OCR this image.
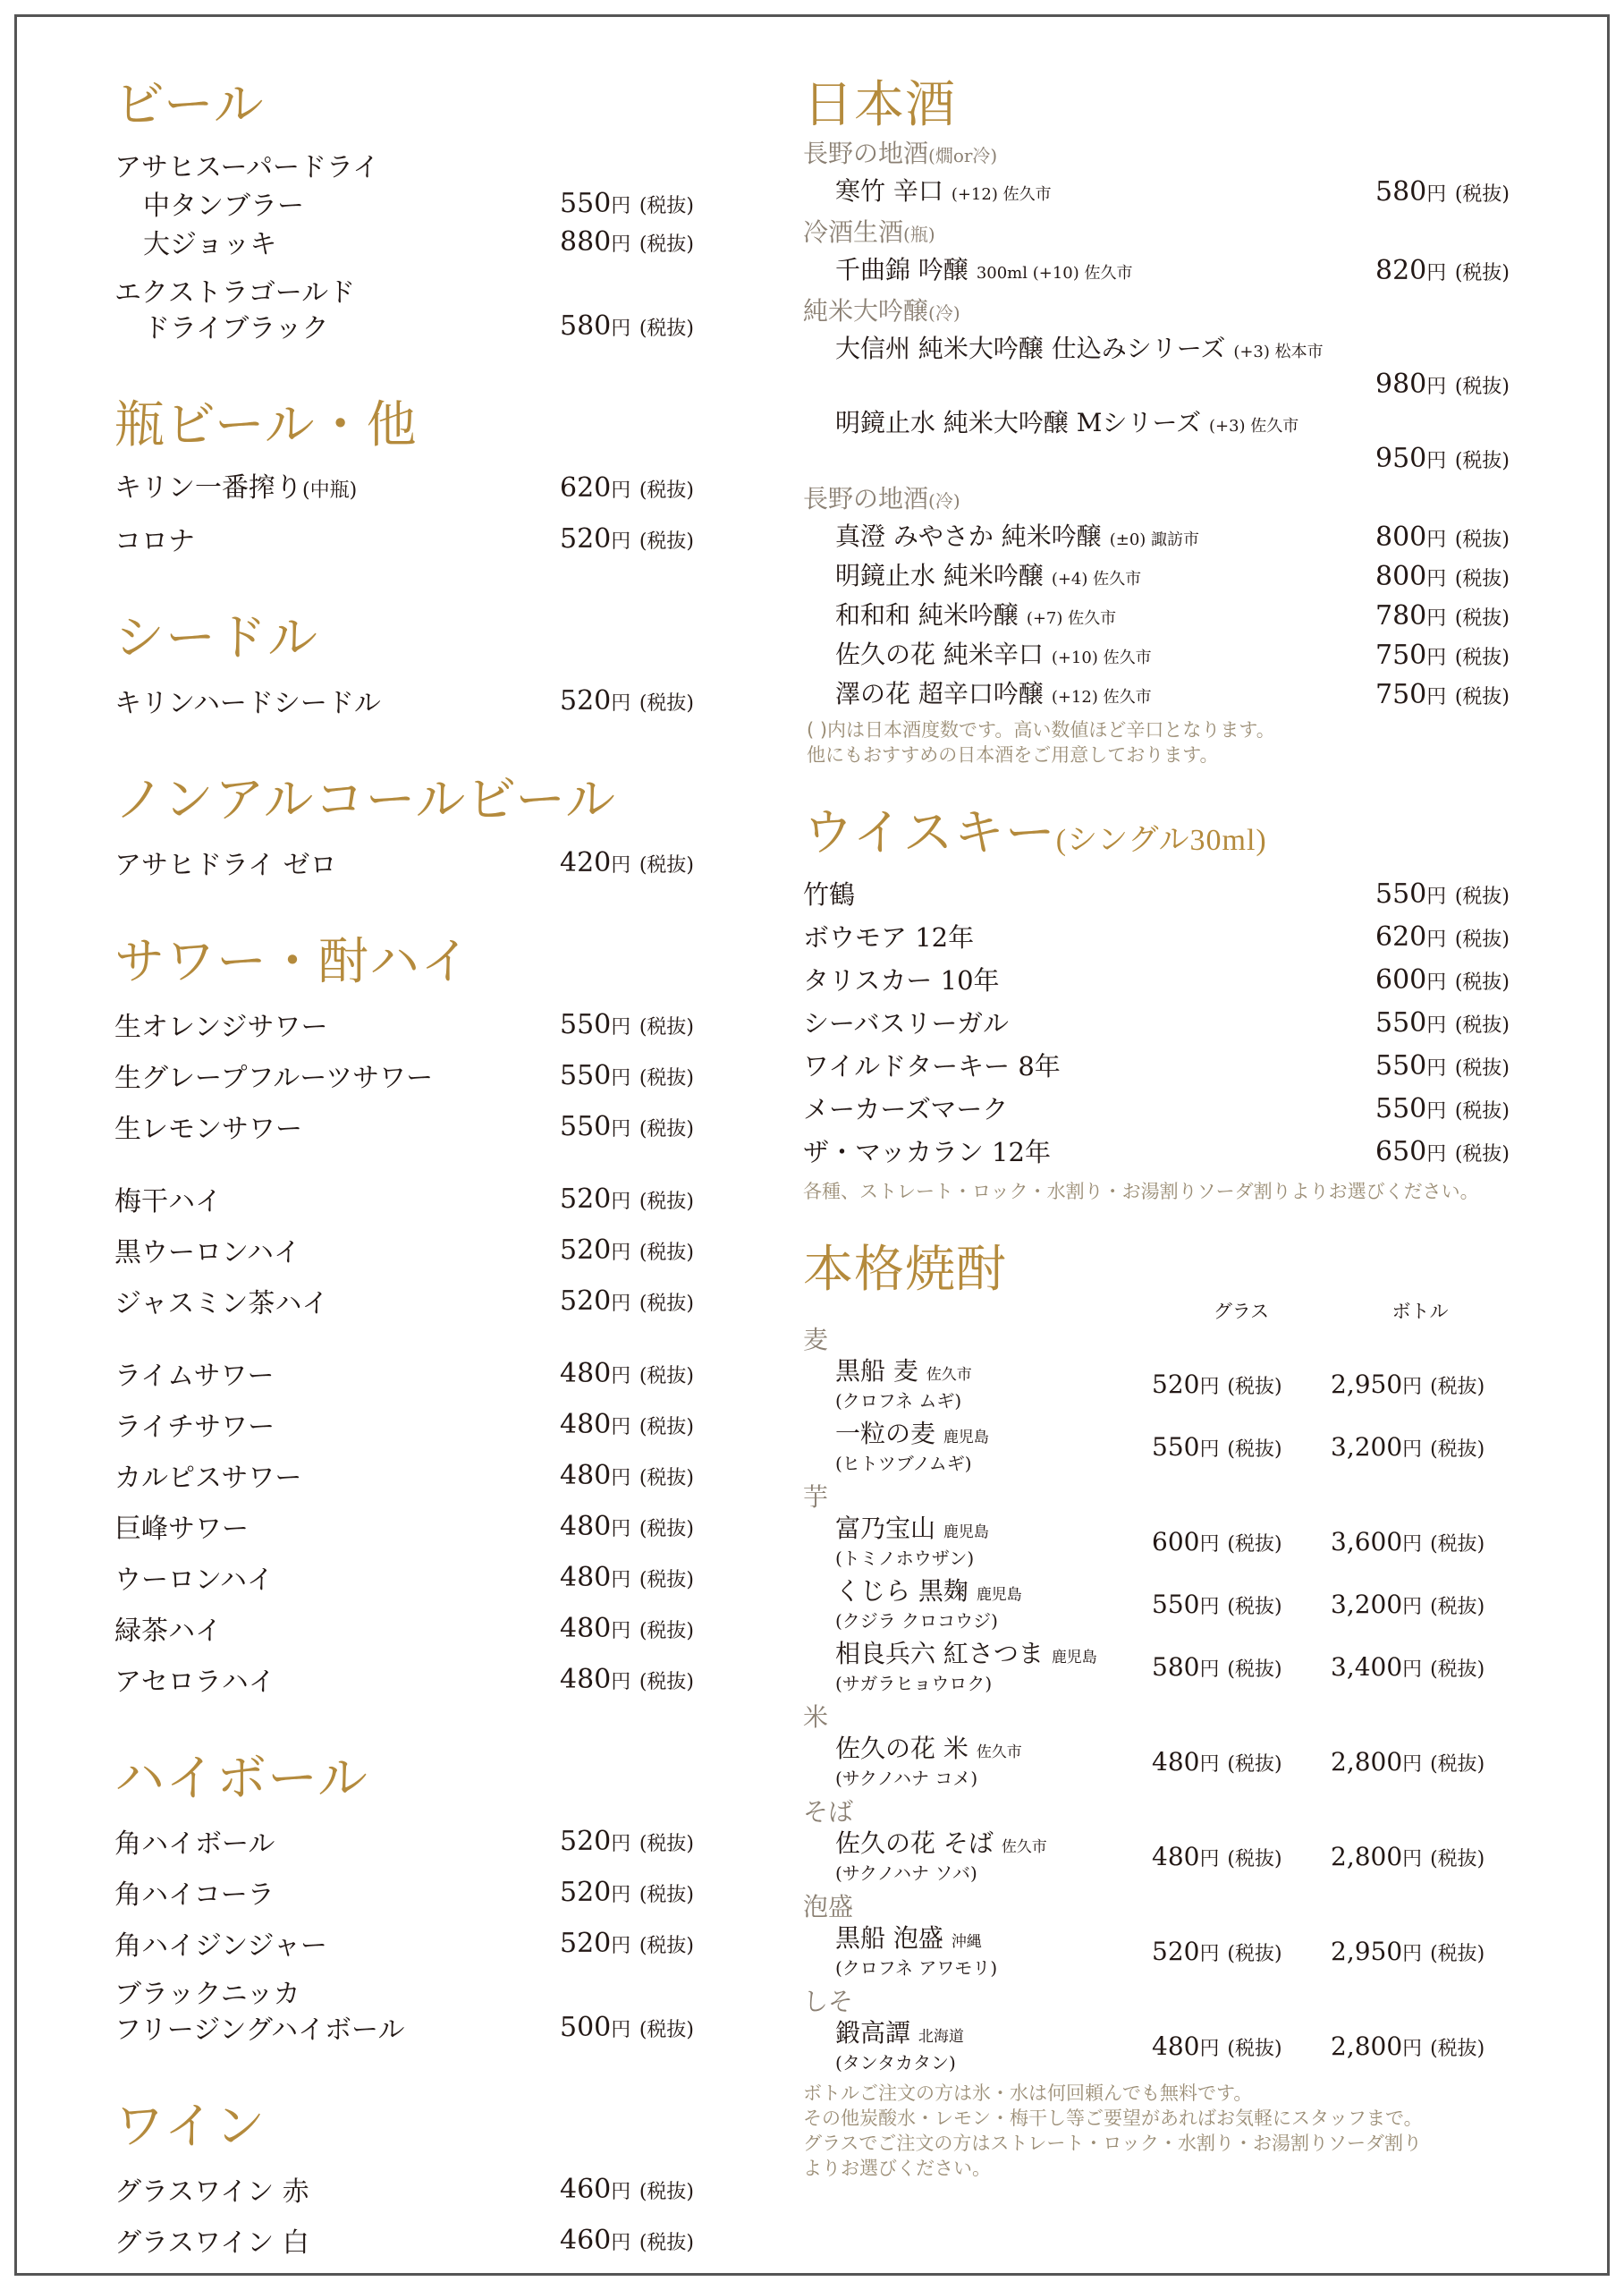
ビール
アサヒスーパードライ
中タンブラー	550円 (税抜)
大ジョッキ	880円 (税抜)
エクストラゴールド
ドライブラック	580円 (税抜)
瓶ビール・他
キリン一番搾り(中瓶)	620円 (税抜)
コロナ	520円 (税抜)
シードル
キリンハードシードル	520円 (税抜)
ノンアルコールビール
アサヒドライ ゼロ	420円 (税抜)
サワー・酎ハイ
生オレンジサワー	550円 (税抜)
生グレープフルーツサワー	550円 (税抜)
生レモンサワー	550円 (税抜)
梅干ハイ	520円 (税抜)
黒ウーロンハイ	520円 (税抜)
ジャスミン茶ハイ	520円 (税抜)
ライムサワー	480円 (税抜)
ライチサワー	480円 (税抜)
カルピスサワー	480円 (税抜)
巨峰サワー	480円 (税抜)
ウーロンハイ	480円 (税抜)
緑茶ハイ	480円 (税抜)
アセロラハイ	480円 (税抜)
ハイボール
角ハイボール	520円 (税抜)
角ハイコーラ	520円 (税抜)
角ハイジンジャー	520円 (税抜)
ブラックニッカ
フリージングハイボール	500円 (税抜)
ワイン
グラスワイン 赤	460円 (税抜)
グラスワイン 白	460円 (税抜)
日本酒
長野の地酒(燗or冷)
寒竹 辛口 (+12) 佐久市	580円 (税抜)
冷酒生酒(瓶)
千曲錦 吟醸 300ml (+10) 佐久市	820円 (税抜)
純米大吟醸(冷)
大信州 純米大吟醸 仕込みシリーズ (+3) 松本市
980円 (税抜)
明鏡止水 純米大吟醸 Mシリーズ (+3) 佐久市
950円 (税抜)
長野の地酒(冷)
真澄 みやさか 純米吟醸 (±0) 諏訪市	800円 (税抜)
明鏡止水 純米吟醸 (+4) 佐久市	800円 (税抜)
和和和 純米吟醸 (+7) 佐久市	780円 (税抜)
佐久の花 純米辛口 (+10) 佐久市	750円 (税抜)
澤の花 超辛口吟醸 (+12) 佐久市	750円 (税抜)
( )内は日本酒度数です。高い数値ほど辛口となります。
他にもおすすめの日本酒をご用意しております。
ウイスキー(シングル30ml)
竹鶴	550円 (税抜)
ボウモア 12年	620円 (税抜)
タリスカー 10年	600円 (税抜)
シーバスリーガル	550円 (税抜)
ワイルドターキー 8年	550円 (税抜)
メーカーズマーク	550円 (税抜)
ザ・マッカラン 12年	650円 (税抜)
各種、ストレート・ロック・水割り・お湯割りソーダ割りよりお選びください。
本格焼酎
グラス	ボトル
麦
黒船 麦 佐久市
(クロフネ ムギ)
520円 (税抜)	2,950円 (税抜)
一粒の麦 鹿児島
(ヒトツブノムギ)
550円 (税抜)	3,200円 (税抜)
芋
富乃宝山 鹿児島
(トミノホウザン)
600円 (税抜)	3,600円 (税抜)
くじら 黒麹 鹿児島
(クジラ クロコウジ)
550円 (税抜)	3,200円 (税抜)
相良兵六 紅さつま 鹿児島
(サガラヒョウロク)
580円 (税抜)	3,400円 (税抜)
米
佐久の花 米 佐久市
(サクノハナ コメ)
480円 (税抜)	2,800円 (税抜)
そば
佐久の花 そば 佐久市
(サクノハナ ソバ)
480円 (税抜)	2,800円 (税抜)
泡盛
黒船 泡盛 沖縄
(クロフネ アワモリ)
520円 (税抜)	2,950円 (税抜)
しそ
鍛高譚 北海道
(タンタカタン)
480円 (税抜)	2,800円 (税抜)
ボトルご注文の方は氷・水は何回頼んでも無料です。
その他炭酸水・レモン・梅干し等ご要望があればお気軽にスタッフまで。
グラスでご注文の方はストレート・ロック・水割り・お湯割りソーダ割り
よりお選びください。
